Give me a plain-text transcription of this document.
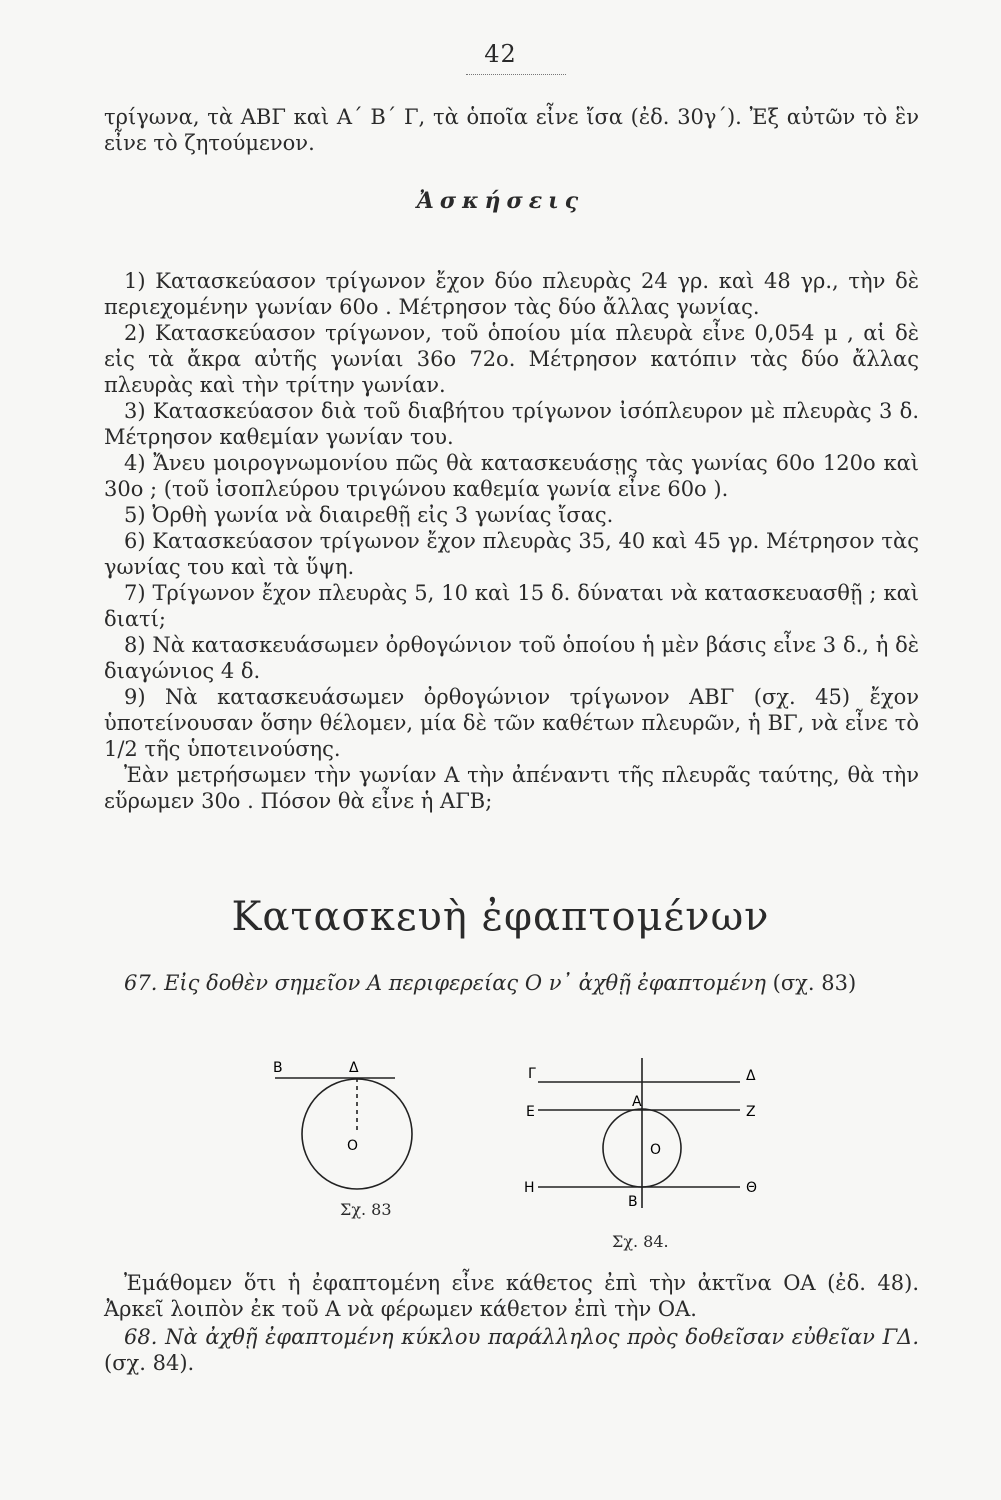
42

τρίγωνα, τὰ ΑΒΓ καὶ Α΄ Β΄ Γ, τὰ ὁποῖα εἶνε ἴσα (ἐδ. 30γ΄). Ἐξ αὐτῶν τὸ ἓν εἶνε τὸ ζητούμενον.

Ἀσκήσεις

1) Κατασκεύασον τρίγωνον ἔχον δύο πλευρὰς 24 γρ. καὶ 48 γρ., τὴν δὲ περιεχομένην γωνίαν 60ο . Μέτρησον τὰς δύο ἄλλας γωνίας.

2) Κατασκεύασον τρίγωνον, τοῦ ὁποίου μία πλευρὰ εἶνε 0,054 μ , αἱ δὲ εἰς τὰ ἄκρα αὐτῆς γωνίαι 36ο 72ο. Μέτρησον κατόπιν τὰς δύο ἄλλας πλευρὰς καὶ τὴν τρίτην γωνίαν.

3) Κατασκεύασον διὰ τοῦ διαβήτου τρίγωνον ἰσόπλευρον μὲ πλευρὰς 3 δ. Μέτρησον καθεμίαν γωνίαν του.

4) Ἄνευ μοιρογνωμονίου πῶς θὰ κατασκευάσῃς τὰς γωνίας 60ο 120ο καὶ 30ο ; (τοῦ ἰσοπλεύρου τριγώνου καθεμία γωνία εἶνε 60ο ).

5) Ὀρθὴ γωνία νὰ διαιρεθῇ εἰς 3 γωνίας ἴσας.

6) Κατασκεύασον τρίγωνον ἔχον πλευρὰς 35, 40 καὶ 45 γρ. Μέτρησον τὰς γωνίας του καὶ τὰ ὕψη.

7) Τρίγωνον ἔχον πλευρὰς 5, 10 καὶ 15 δ. δύναται νὰ κατασκευασθῇ ; καὶ διατί;

8) Νὰ κατασκευάσωμεν ὀρθογώνιον τοῦ ὁποίου ἡ μὲν βάσις εἶνε 3 δ., ἡ δὲ διαγώνιος 4 δ.

9) Νὰ κατασκευάσωμεν ὀρθογώνιον τρίγωνον ΑΒΓ (σχ. 45) ἔχον ὑποτείνουσαν ὅσην θέλομεν, μία δὲ τῶν καθέτων πλευρῶν, ἡ ΒΓ, νὰ εἶνε τὸ 1/2 τῆς ὑποτεινούσης.

Ἐὰν μετρήσωμεν τὴν γωνίαν Α τὴν ἀπέναντι τῆς πλευρᾶς ταύτης, θὰ τὴν εὕρωμεν 30ο . Πόσον θὰ εἶνε ἡ ΑΓΒ;

Κατασκευὴ ἐφαπτομένων

67. Εἰς δοθὲν σημεῖον Α περιφερείας Ο ν᾿ ἀχθῇ ἐφαπτομένη (σχ. 83)

Β	Δ
Ο
Σχ. 83
Γ	Δ
Ε
Α
Ζ
Ο
Η	Θ
Β
Σχ. 84.

Ἐμάθομεν ὅτι ἡ ἐφαπτομένη εἶνε κάθετος ἐπὶ τὴν ἀκτῖνα ΟΑ (ἐδ. 48). Ἀρκεῖ λοιπὸν ἐκ τοῦ Α νὰ φέρωμεν κάθετον ἐπὶ τὴν ΟΑ.

68. Νὰ ἀχθῇ ἐφαπτομένη κύκλου παράλληλος πρὸς δοθεῖσαν εὐθεῖαν ΓΔ. (σχ. 84).
